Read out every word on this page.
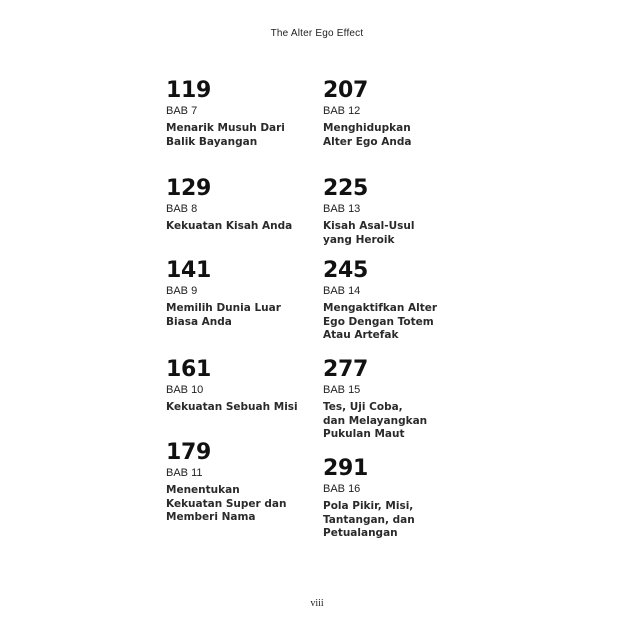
The Alter Ego Effect
119
BAB 7
Menarik Musuh Dari
Balik Bayangan
129
BAB 8
Kekuatan Kisah Anda
141
BAB 9
Memilih Dunia Luar
Biasa Anda
161
BAB 10
Kekuatan Sebuah Misi
179
BAB 11
Menentukan
Kekuatan Super dan
Memberi Nama
207
BAB 12
Menghidupkan
Alter Ego Anda
225
BAB 13
Kisah Asal-Usul
yang Heroik
245
BAB 14
Mengaktifkan Alter
Ego Dengan Totem
Atau Artefak
277
BAB 15
Tes, Uji Coba,
dan Melayangkan
Pukulan Maut
291
BAB 16
Pola Pikir, Misi,
Tantangan, dan
Petualangan
viii
